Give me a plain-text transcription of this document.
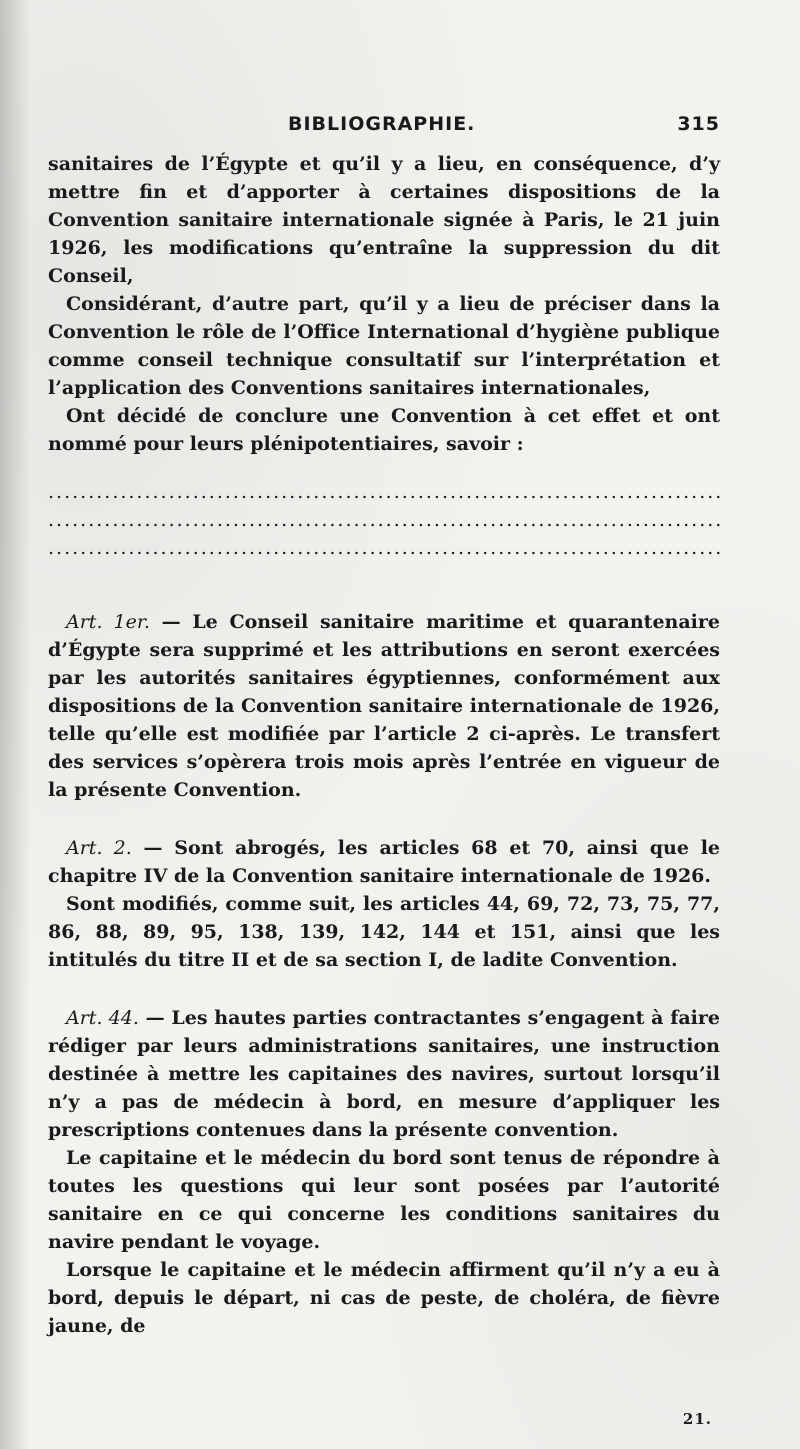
BIBLIOGRAPHIE.	315

sanitaires de l’Égypte et qu’il y a lieu, en conséquence, d’y mettre fin et d’apporter à certaines dispositions de la Convention sanitaire internationale signée à Paris, le 21 juin 1926, les modifications qu’entraîne la suppression du dit Conseil,

Considérant, d’autre part, qu’il y a lieu de préciser dans la Convention le rôle de l’Office International d’hygiène publique comme conseil technique consultatif sur l’interprétation et l’application des Conventions sanitaires internationales,

Ont décidé de conclure une Convention à cet effet et ont nommé pour leurs plénipotentiaires, savoir :

.....
.....
.....

Art. 1er. — Le Conseil sanitaire maritime et quarantenaire d’Égypte sera supprimé et les attributions en seront exercées par les autorités sanitaires égyptiennes, conformément aux dispositions de la Convention sanitaire internationale de 1926, telle qu’elle est modifiée par l’article 2 ci-après. Le transfert des services s’opèrera trois mois après l’entrée en vigueur de la présente Convention.

Art. 2. — Sont abrogés, les articles 68 et 70, ainsi que le chapitre IV de la Convention sanitaire internationale de 1926.

Sont modifiés, comme suit, les articles 44, 69, 72, 73, 75, 77, 86, 88, 89, 95, 138, 139, 142, 144 et 151, ainsi que les intitulés du titre II et de sa section I, de ladite Convention.

Art. 44. — Les hautes parties contractantes s’engagent à faire rédiger par leurs administrations sanitaires, une instruction destinée à mettre les capitaines des navires, surtout lorsqu’il n’y a pas de médecin à bord, en mesure d’appliquer les prescriptions contenues dans la présente convention.

Le capitaine et le médecin du bord sont tenus de répondre à toutes les questions qui leur sont posées par l’autorité sanitaire en ce qui concerne les conditions sanitaires du navire pendant le voyage.

Lorsque le capitaine et le médecin affirment qu’il n’y a eu à bord, depuis le départ, ni cas de peste, de choléra, de fièvre jaune, de

21.
